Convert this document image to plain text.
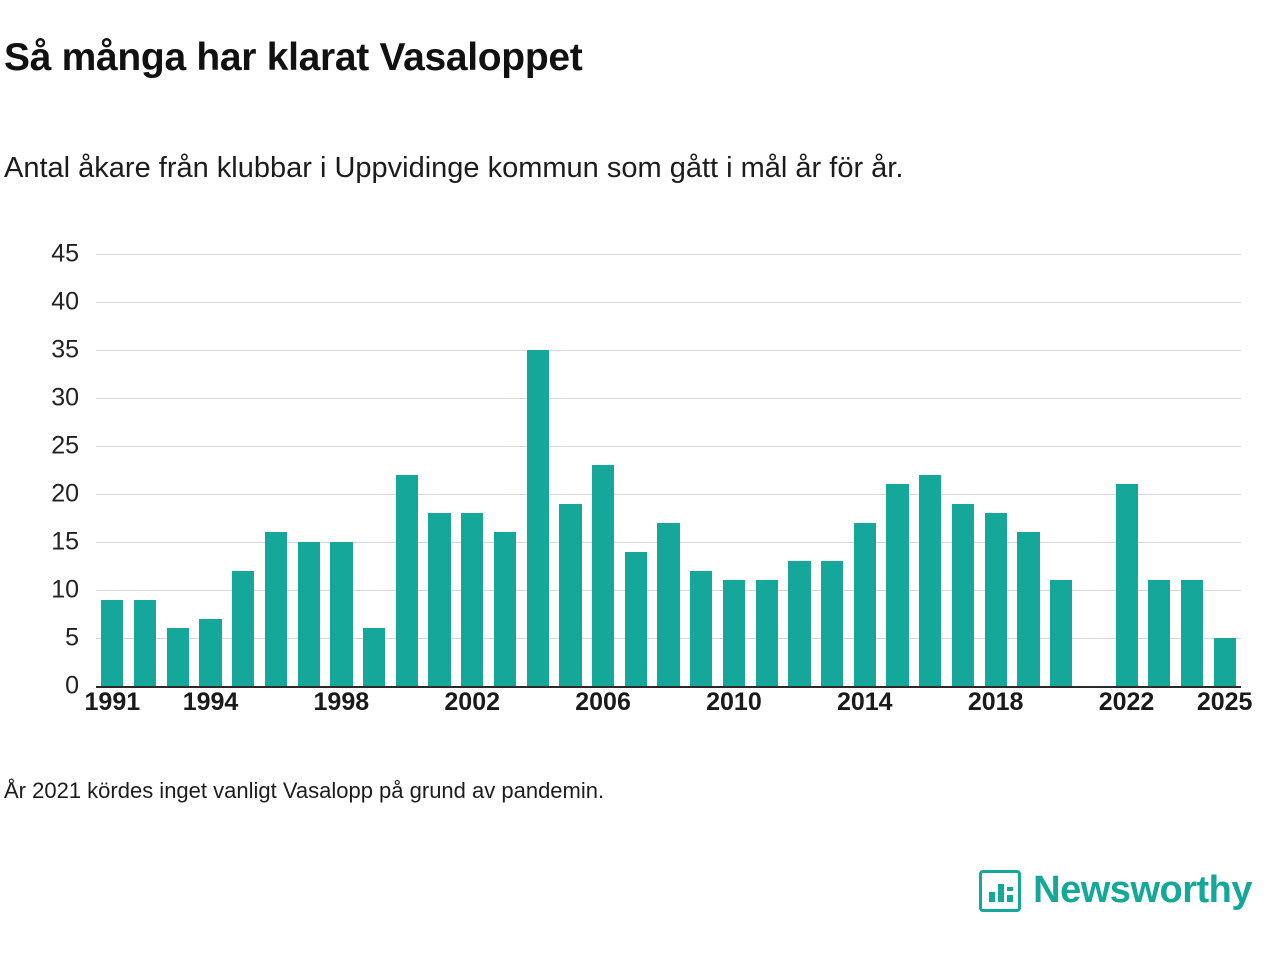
Så många har klarat Vasaloppet
Antal åkare från klubbar i Uppvidinge kommun som gått i mål år för år.
0
5
10
15
20
25
30
35
40
45
1991 1994	1998	2002	2006	2010	2014	2018	2022 2025
År 2021 kördes inget vanligt Vasalopp på grund av pandemin.
Newsworthy
